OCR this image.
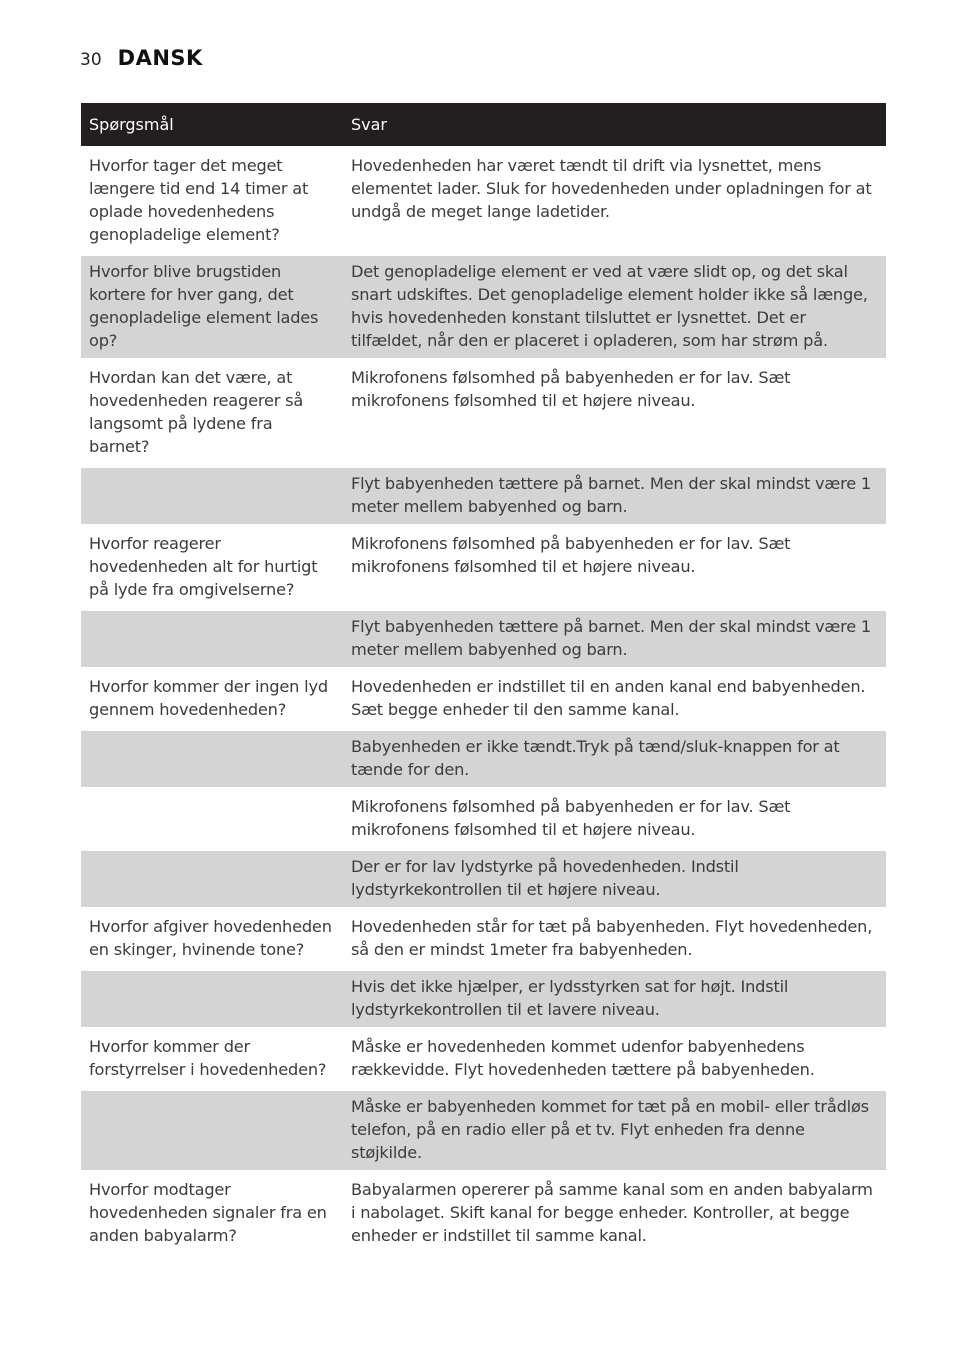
30 DANSK
Spørgsmål	Svar
Hvorfor tager det meget længere tid end 14 timer at oplade hovedenhedens genopladelige element?	Hovedenheden har været tændt til drift via lysnettet, mens elementet lader. Sluk for hovedenheden under opladningen for at undgå de meget lange ladetider.
Hvorfor blive brugstiden kortere for hver gang, det genopladelige element lades op?	Det genopladelige element er ved at være slidt op, og det skal snart udskiftes. Det genopladelige element holder ikke så længe, hvis hovedenheden konstant tilsluttet er lysnettet. Det er tilfældet, når den er placeret i opladeren, som har strøm på.
Hvordan kan det være, at hovedenheden reagerer så langsomt på lydene fra barnet?	Mikrofonens følsomhed på babyenheden er for lav. Sæt mikrofonens følsomhed til et højere niveau.
	Flyt babyenheden tættere på barnet. Men der skal mindst være 1 meter mellem babyenhed og barn.
Hvorfor reagerer hovedenheden alt for hurtigt på lyde fra omgivelserne?	Mikrofonens følsomhed på babyenheden er for lav. Sæt mikrofonens følsomhed til et højere niveau.
	Flyt babyenheden tættere på barnet. Men der skal mindst være 1 meter mellem babyenhed og barn.
Hvorfor kommer der ingen lyd gennem hovedenheden?	Hovedenheden er indstillet til en anden kanal end babyenheden. Sæt begge enheder til den samme kanal.
	Babyenheden er ikke tændt.Tryk på tænd/sluk-knappen for at tænde for den.
	Mikrofonens følsomhed på babyenheden er for lav. Sæt mikrofonens følsomhed til et højere niveau.
	Der er for lav lydstyrke på hovedenheden. Indstil lydstyrkekontrollen til et højere niveau.
Hvorfor afgiver hovedenheden en skinger, hvinende tone?	Hovedenheden står for tæt på babyenheden. Flyt hovedenheden, så den er mindst 1meter fra babyenheden.
	Hvis det ikke hjælper, er lydsstyrken sat for højt. Indstil lydstyrkekontrollen til et lavere niveau.
Hvorfor kommer der forstyrrelser i hovedenheden?	Måske er hovedenheden kommet udenfor babyenhedens rækkevidde. Flyt hovedenheden tættere på babyenheden.
	Måske er babyenheden kommet for tæt på en mobil- eller trådløs telefon, på en radio eller på et tv. Flyt enheden fra denne støjkilde.
Hvorfor modtager hovedenheden signaler fra en anden babyalarm?	Babyalarmen opererer på samme kanal som en anden babyalarm i nabolaget. Skift kanal for begge enheder. Kontroller, at begge enheder er indstillet til samme kanal.
